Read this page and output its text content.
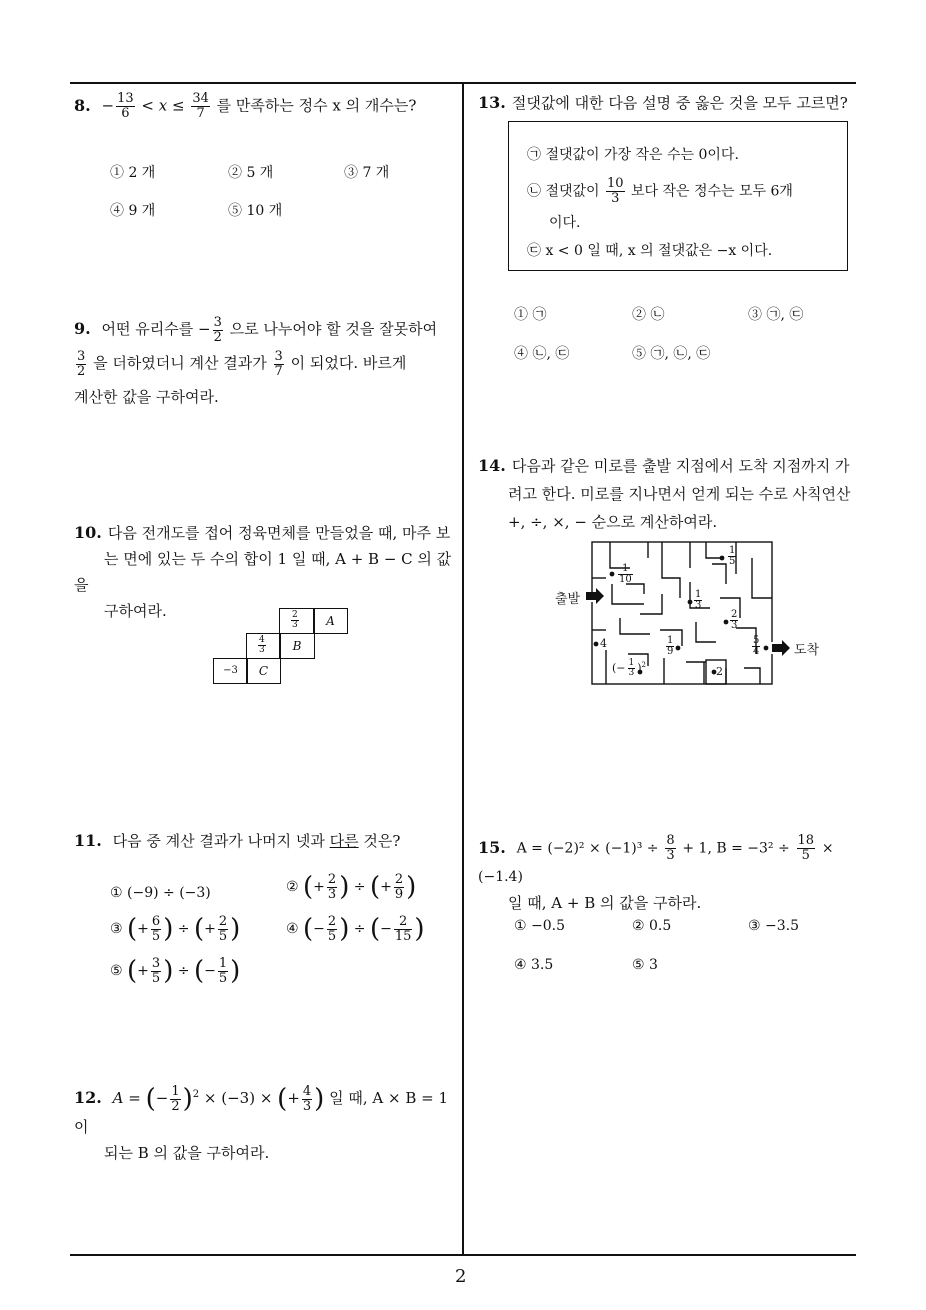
2
8. − $\frac{13}{6} < x \le \frac{34}{7}$ 를 만족하는 정수 x 의 개수는?
① 2 개	② 5 개	③ 7 개
④ 9 개	⑤ 10 개
9. 어떤 유리수를 − $\frac{3}{2}$ 으로 나누어야 할 것을 잘못하여

$\frac{3}{2}$ 을 더하였더니 계산 결과가 $\frac{3}{7}$ 이 되었다. 바르게
계산한 값을 구하여라.
10. 다음 전개도를 접어 정육면체를 만들었을 때, 마주 보
는 면에 있는 두 수의 합이 1 일 때, A + B − C 의 값을
구하여라.
A
$\frac{2}{3}$
B
$\frac{4}{3}$
−3	C
11. 다음 중 계산 결과가 나머지 넷과 다른 것은?
① (−9) ÷ (−3)	② (+ $\frac{2}{3}$ ) ÷ (+ $\frac{2}{9}$ )
③ (+ $\frac{6}{5}$ ) ÷ (+ $\frac{2}{5}$ )	④ (− $\frac{2}{5}$ ) ÷ (− $\frac{2}{15}$ )
⑤ (+ $\frac{3}{5}$ ) ÷ (− $\frac{1}{5}$ )
12. A = (− $\frac{1}{2} )^2 \times (-3)$ × (+ $\frac{4}{3}$ ) 일 때, A × B = 1 이
되는 B 의 값을 구하여라.
13. 절댓값에 대한 다음 설명 중 옳은 것을 모두 고르면?
㉠ 절댓값이 가장 작은 수는 0이다.
㉡ 절댓값이 $\frac{10}{3}$ 보다 작은 정수는 모두 6개
이다.
㉢ x < 0 일 때, x 의 절댓값은 −x 이다.
① ㉠	② ㉡	③ ㉠, ㉢
④ ㉡, ㉢	⑤ ㉠, ㉡, ㉢
14. 다음과 같은 미로를 출발 지점에서 도착 지점까지 가
려고 한다. 미로를 지나면서 얻게 되는 수로 사칙연산
+, ÷, ×, − 순으로 계산하여라.
출발
도착
$\frac{1}{10}$
$\frac{1}{5}$
$\frac{1}{3}$
$\frac{2}{3}$
4	$\frac{1}{9}$	$\frac{5}{4}$
(− $\frac{1}{3} )^2$
2
15. $A = (-2)^2 \times (-1)^3 \div \frac{8}{3} + 1$, $B = -3^2 \div \frac{18}{5} \times (-1.4)$
일 때, A + B 의 값을 구하라.
① −0.5	② 0.5	③ −3.5
④ 3.5	⑤ 3
